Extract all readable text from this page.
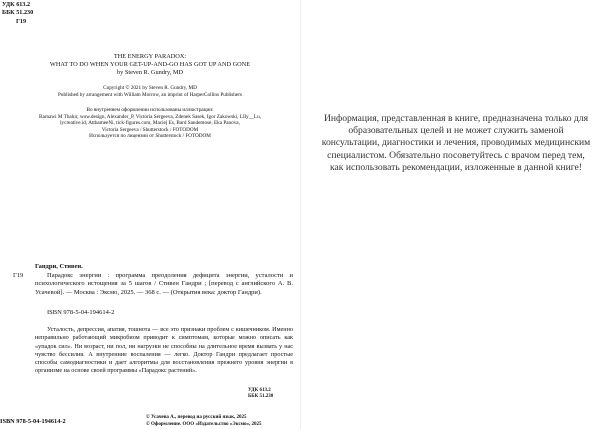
УДК 613.2
ББК 51.230
Г19
THE ENERGY PARADOX:
WHAT TO DO WHEN YOUR GET-UP-AND-GO HAS GOT UP AND GONE
by Steven R. Gundry, MD
Copyright © 2021 by Steven R. Gundry, MD
Published by arrangement with William Morrow, an imprint of HarperCollins Publishers
Во внутреннем оформлении использованы иллюстрации:
Barnawi M Thahir, wow.design, Alexander_P, Victoria Sergeeva, Zdenek Sasek, Igor Zakowski, LIly__Lu,
lycreative.id, AtthameeNi, tick-figures.com, Maciej Es, Bard Sandemose, Eka Panova,
Victoria Sergeeva / Shutterstock / FOTODOM
Используется по лицензии от Shutterstock / FOTODOM
Г19
Гандри, Стивен.
Парадокс энергии : программа преодоления дефицита энергии, усталости и психологического истощения за 5 шагов / Стивен Гандри ; [перевод с английского А. В. Усачевой]. — Москва : Эксмо, 2025. — 368 с. — (Открытия века: доктор Гандри).
ISBN 978-5-04-194614-2
Усталость, депрессия, апатия, тошнота — все это признаки проблем с кишечником. Именно неправильно работающий микробиом приводит к симптомам, которые можно описать как «упадок сил». Ни возраст, ни пол, ни нагрузки не способны на длительное время вызвать у нас чувство бессилия. А внутренние воспаления — легко. Доктор Гандри предлагает простые способы самодиагностики и дает алгоритмы для восстановления прежнего уровня энергии в организме на основе своей программы «Парадокс растений».
УДК 613.2
ББК 51.230
ISBN 978-5-04-194614-2
© Усачева А., перевод на русский язык, 2025
© Оформление. ООО «Издательство «Эксмо», 2025
Информация, представленная в книге, предназначена только для образовательных целей и не может служить заменой консультации, диагностики и лечения, проводимых медицинским специалистом. Обязательно посоветуйтесь с врачом перед тем, как использовать рекомендации, изложенные в данной книге!
